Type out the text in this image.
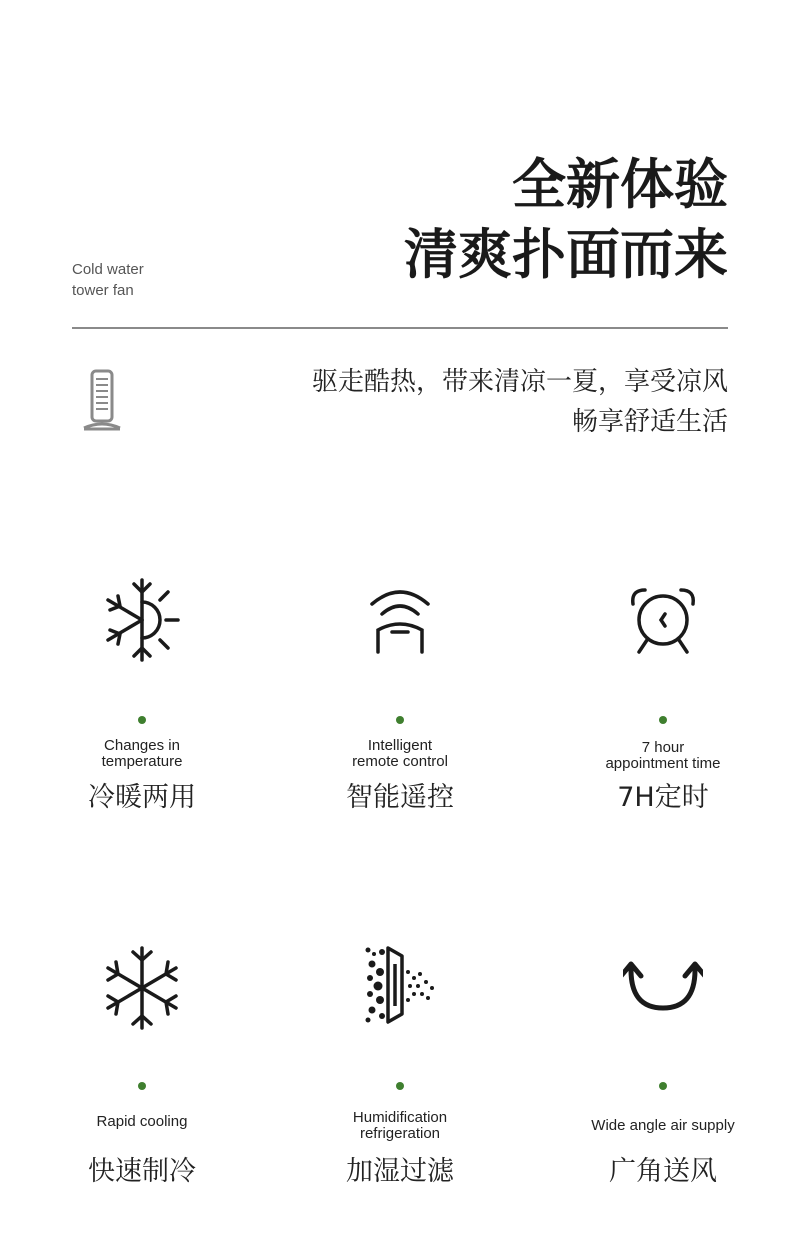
Cold water
tower fan
全新体验
清爽扑面而来
驱走酷热，带来清凉一夏，享受凉风
畅享舒适生活
Changes in
temperature
冷暖两用
Intelligent
remote control
智能遥控
7 hour
appointment time
7H定时
Rapid cooling
快速制冷
Humidification
refrigeration
加湿过滤
Wide angle air supply
广角送风
